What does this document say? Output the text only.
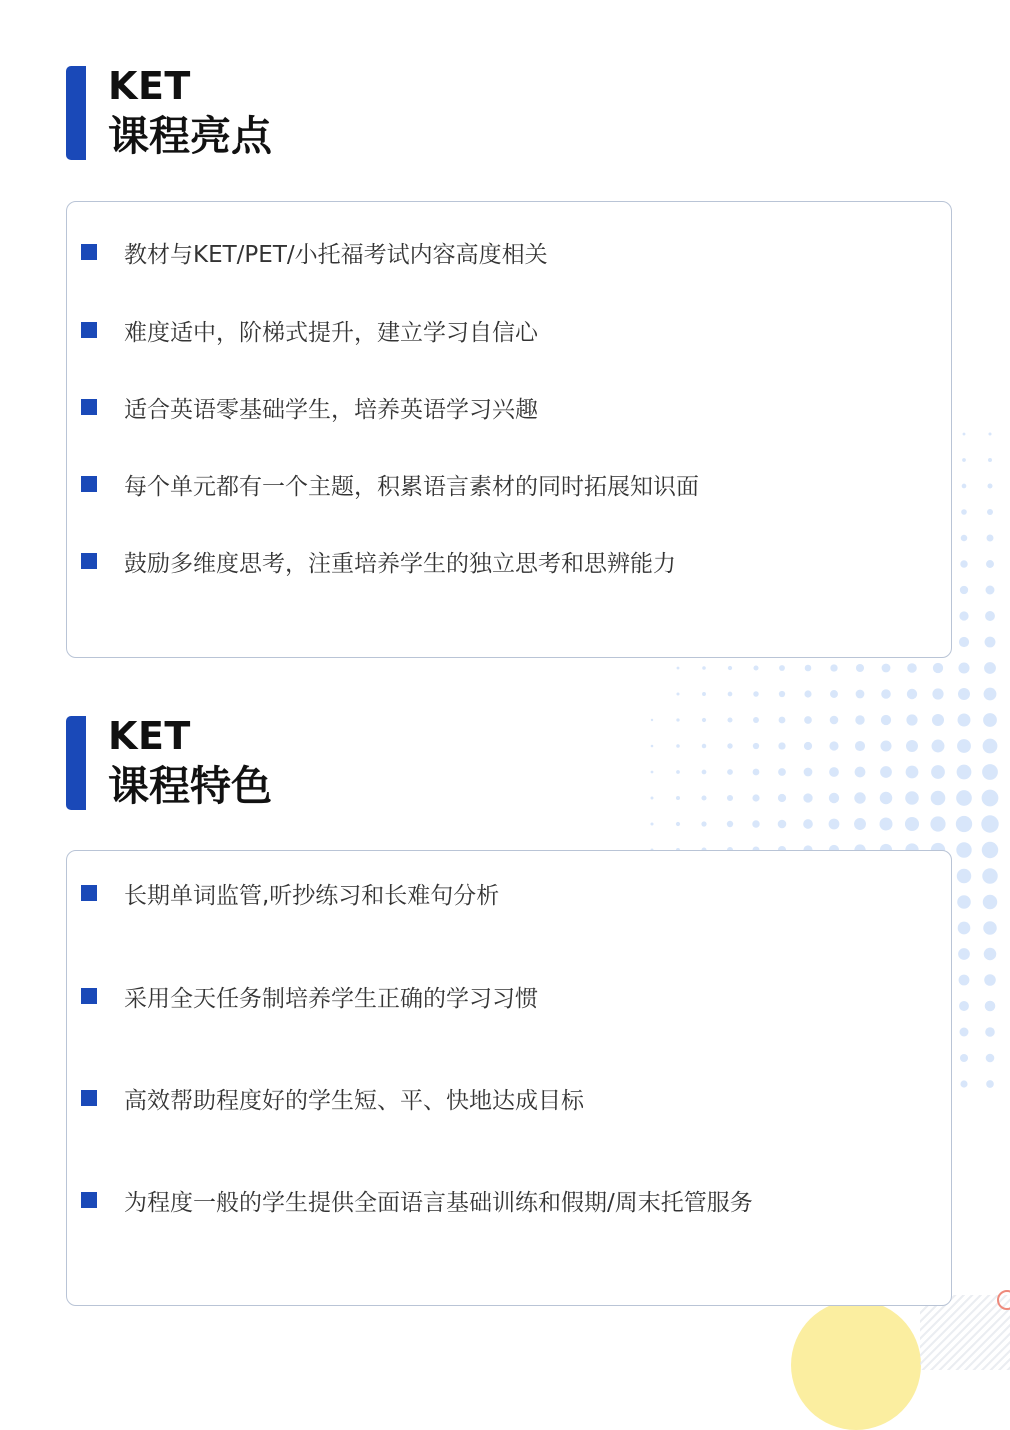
KET
课程亮点
教材与KET/PET/小托福考试内容高度相关
难度适中，阶梯式提升，建立学习自信心
适合英语零基础学生，培养英语学习兴趣
每个单元都有一个主题，积累语言素材的同时拓展知识面
鼓励多维度思考，注重培养学生的独立思考和思辨能力
KET
课程特色
长期单词监管,听抄练习和长难句分析
采用全天任务制培养学生正确的学习习惯
高效帮助程度好的学生短、平、快地达成目标
为程度一般的学生提供全面语言基础训练和假期/周末托管服务
